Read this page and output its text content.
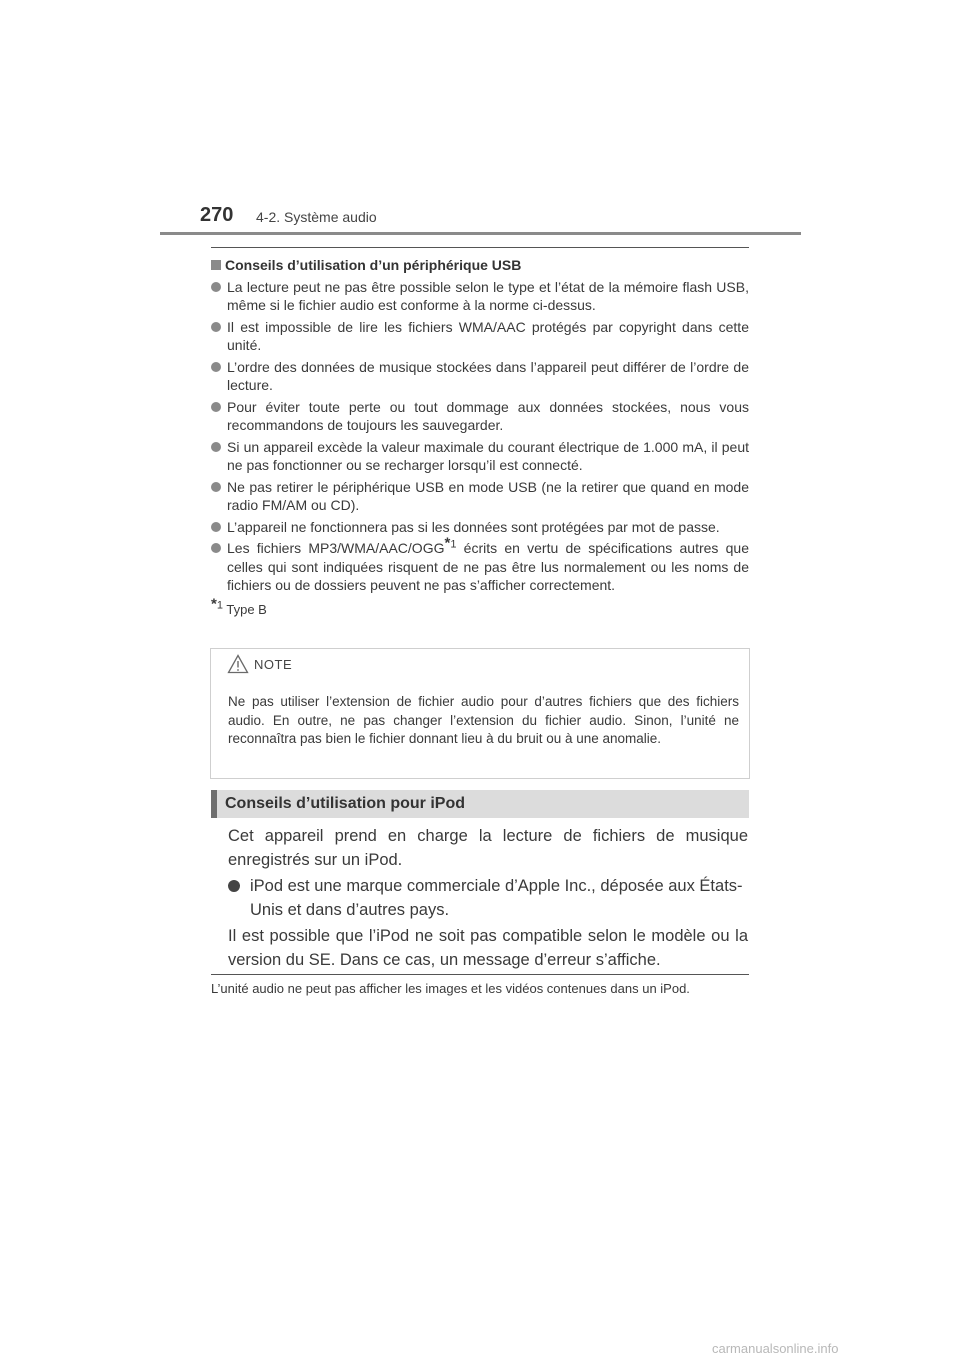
270 4-2. Système audio
Conseils d’utilisation d’un périphérique USB
La lecture peut ne pas être possible selon le type et l’état de la mémoire flash USB, même si le fichier audio est conforme à la norme ci-dessus.
Il est impossible de lire les fichiers WMA/AAC protégés par copyright dans cette unité.
L’ordre des données de musique stockées dans l’appareil peut différer de l’ordre de lecture.
Pour éviter toute perte ou tout dommage aux données stockées, nous vous recommandons de toujours les sauvegarder.
Si un appareil excède la valeur maximale du courant électrique de 1.000 mA, il peut ne pas fonctionner ou se recharger lorsqu’il est connecté.
Ne pas retirer le périphérique USB en mode USB (ne la retirer que quand en mode radio FM/AM ou CD).
L’appareil ne fonctionnera pas si les données sont protégées par mot de passe.
Les fichiers MP3/WMA/AAC/OGG*$^1$ écrits en vertu de spécifications autres que celles qui sont indiquées risquent de ne pas être lus normalement ou les noms de fichiers ou de dossiers peuvent ne pas s’afficher correctement.
*$^1$ Type B
NOTE
Ne pas utiliser l’extension de fichier audio pour d’autres fichiers que des fichiers audio. En outre, ne pas changer l’extension du fichier audio. Sinon, l’unité ne reconnaîtra pas bien le fichier donnant lieu à du bruit ou à une anomalie.
Conseils d’utilisation pour iPod
Cet appareil prend en charge la lecture de fichiers de musique enregistrés sur un iPod.
iPod est une marque commerciale d’Apple Inc., déposée aux États-Unis et dans d’autres pays.
Il est possible que l’iPod ne soit pas compatible selon le modèle ou la version du SE. Dans ce cas, un message d’erreur s’affiche.
L’unité audio ne peut pas afficher les images et les vidéos contenues dans un iPod.
carmanualsonline.info
